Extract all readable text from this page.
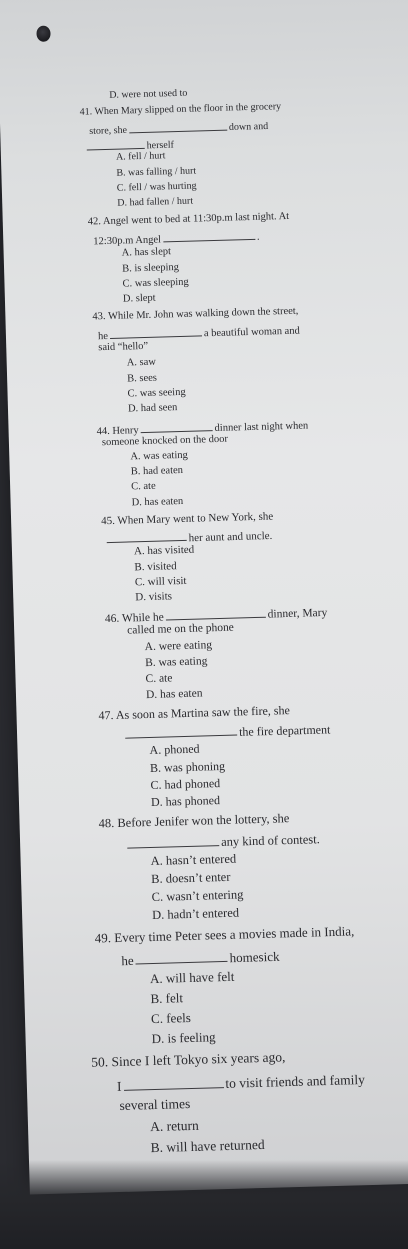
D. were not used to
41. When Mary slipped on the floor in the grocery
store, she	down and
herself
A. fell / hurt
B. was falling / hurt
C. fell / was hurting
D. had fallen / hurt
42. Angel went to bed at 11:30p.m last night. At
12:30p.m Angel	.
A. has slept
B. is sleeping
C. was sleeping
D. slept
43. While Mr. John was walking down the street,
he	a beautiful woman and
said “hello”
A. saw
B. sees
C. was seeing
D. had seen
44. Henry	dinner last night when
someone knocked on the door
A. was eating
B. had eaten
C. ate
D. has eaten
45. When Mary went to New York, she
her aunt and uncle.
A. has visited
B. visited
C. will visit
D. visits
46. While he	dinner, Mary
called me on the phone
A. were eating
B. was eating
C. ate
D. has eaten
47. As soon as Martina saw the fire, she
the fire department
A. phoned
B. was phoning
C. had phoned
D. has phoned
48. Before Jenifer won the lottery, she
any kind of contest.
A. hasn’t entered
B. doesn’t enter
C. wasn’t entering
D. hadn’t entered
49. Every time Peter sees a movies made in India,
he	homesick
A. will have felt
B. felt
C. feels
D. is feeling
50. Since I left Tokyo six years ago,
I	to visit friends and family
several times
A. return
B. will have returned
